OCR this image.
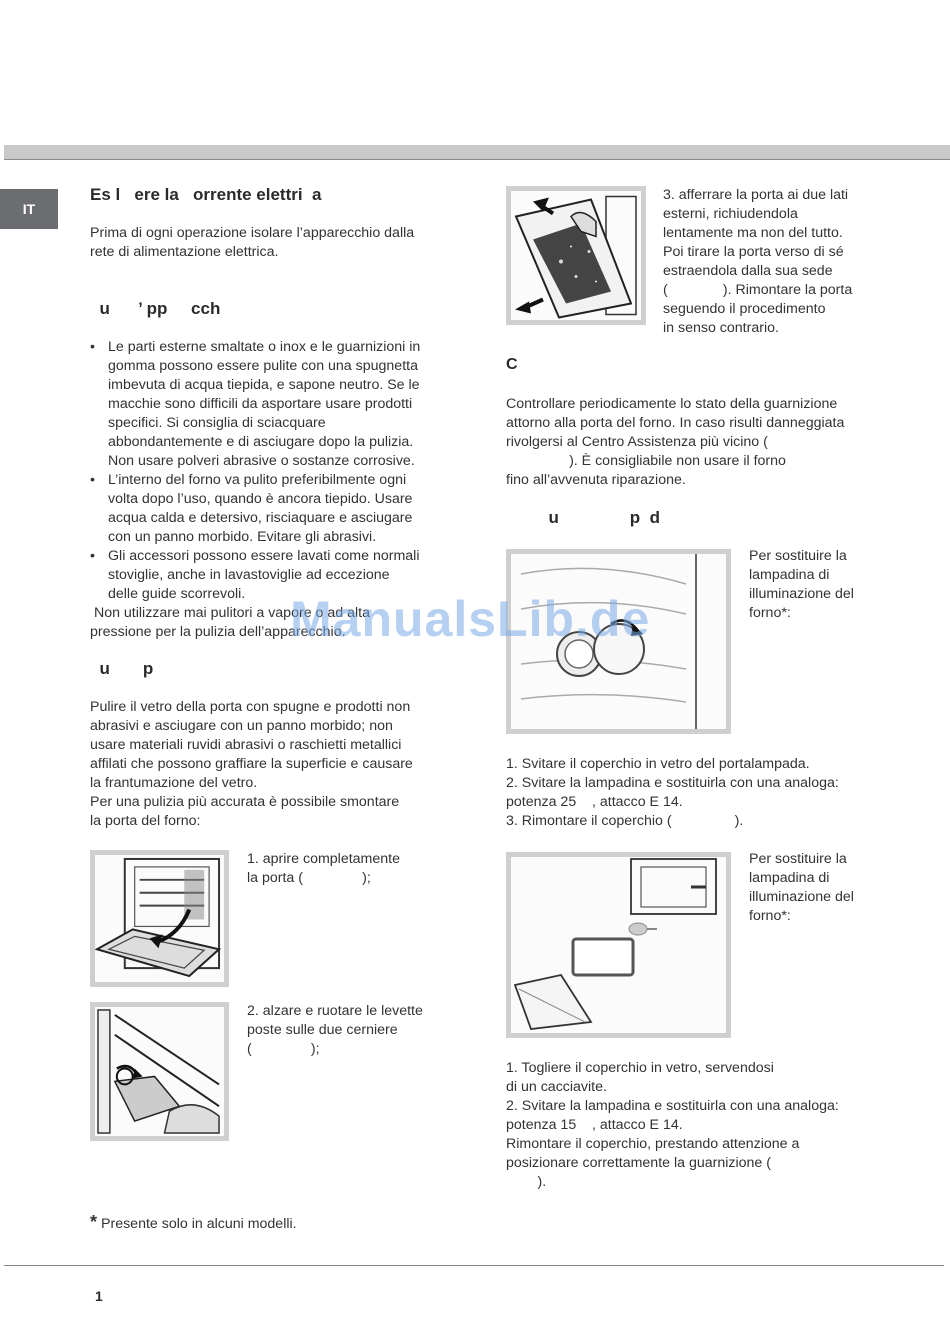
IT
Es l   ere la   orrente elettri  a

Prima di ogni operazione isolare l’apparecchio dalla
rete di alimentazione elettrica.

u      ’ pp     cch
• Le parti esterne smaltate o inox e le guarnizioni in
gomma possono essere pulite con una spugnetta
imbevuta di acqua tiepida, e sapone neutro. Se le
macchie sono difficili da asportare usare prodotti
specifici. Si consiglia di sciacquare
abbondantemente e di asciugare dopo la pulizia.
Non usare polveri abrasive o sostanze corrosive.
• L’interno del forno va pulito preferibilmente ogni
volta dopo l’uso, quando è ancora tiepido. Usare
acqua calda e detersivo, risciaquare e asciugare
con un panno morbido. Evitare gli abrasivi.
• Gli accessori possono essere lavati come normali
stoviglie, anche in lavastoviglie ad eccezione
delle guide scorrevoli.

Non utilizzare mai pulitori a vapore o ad alta
pressione per la pulizia dell’apparecchio.

u       p

Pulire il vetro della porta con spugne e prodotti non
abrasivi e asciugare con un panno morbido; non
usare materiali ruvidi abrasivi o raschietti metallici
affilati che possono graffiare la superficie e causare
la frantumazione del vetro.
Per una pulizia più accurata è possibile smontare
la porta del forno:

1. aprire completamente
la porta (               );

2. alzare e ruotare le levette
poste sulle due cerniere
(               );

3. afferrare la porta ai due lati
esterni, richiudendola
lentamente ma non del tutto.
Poi tirare la porta verso di sé
estraendola dalla sua sede
(              ). Rimontare la porta
seguendo il procedimento
in senso contrario.

C

Controllare periodicamente lo stato della guarnizione
attorno alla porta del forno. In caso risulti danneggiata
rivolgersi al Centro Assistenza più vicino (
). È consigliabile non usare il forno
fino all’avvenuta riparazione.

u               p  d

Per sostituire la
lampadina di
illuminazione del
forno*:

1. Svitare il coperchio in vetro del portalampada.
2. Svitare la lampadina e sostituirla con una analoga:
potenza 25    , attacco E 14.
3. Rimontare il coperchio (                ).

Per sostituire la
lampadina di
illuminazione del
forno*:

1. Togliere il coperchio in vetro, servendosi
di un cacciavite.
2. Svitare la lampadina e sostituirla con una analoga:
potenza 15    , attacco E 14.
Rimontare il coperchio, prestando attenzione a
posizionare correttamente la guarnizione (
).

* Presente solo in alcuni modelli.
ManualsLib.de
1
